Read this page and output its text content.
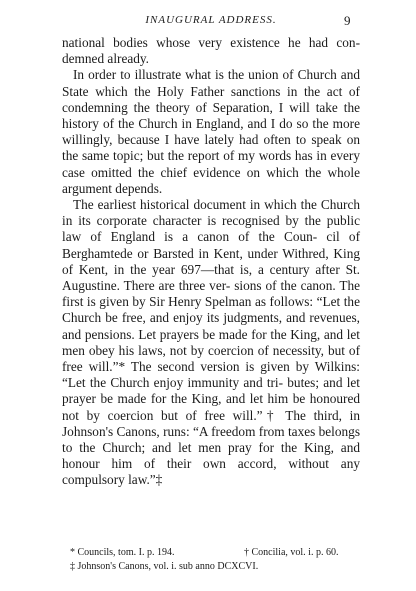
INAUGURAL ADDRESS.	9

national bodies whose very existence he had con- demned already.

In order to illustrate what is the union of Church and State which the Holy Father sanctions in the act of condemning the theory of Separation, I will take the history of the Church in England, and I do so the more willingly, because I have lately had often to speak on the same topic; but the report of my words has in every case omitted the chief evidence on which the whole argument depends.

The earliest historical document in which the Church in its corporate character is recognised by the public law of England is a canon of the Coun- cil of Berghamtede or Barsted in Kent, under Withred, King of Kent, in the year 697—that is, a century after St. Augustine. There are three ver- sions of the canon. The first is given by Sir Henry Spelman as follows: “Let the Church be free, and enjoy its judgments, and revenues, and pensions. Let prayers be made for the King, and let men obey his laws, not by coercion of necessity, but of free will.”* The second version is given by Wilkins: “Let the Church enjoy immunity and tri- butes; and let prayer be made for the King, and let him be honoured not by coercion but of free will.”† The third, in Johnson's Canons, runs: “A freedom from taxes belongs to the Church; and let men pray for the King, and honour him of their own accord, without any compulsory law.”‡

* Councils, tom. I. p. 194.	† Concilia, vol. i. p. 60.
‡ Johnson's Canons, vol. i. sub anno DCXCVI.
